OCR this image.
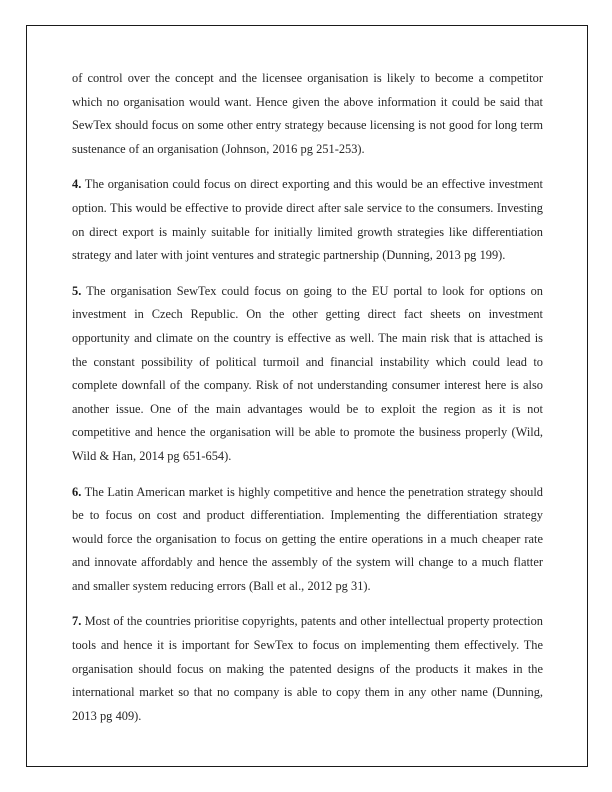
of control over the concept and the licensee organisation is likely to become a competitor which no organisation would want. Hence given the above information it could be said that SewTex should focus on some other entry strategy because licensing is not good for long term sustenance of an organisation (Johnson, 2016 pg 251-253).

4. The organisation could focus on direct exporting and this would be an effective investment option. This would be effective to provide direct after sale service to the consumers. Investing on direct export is mainly suitable for initially limited growth strategies like differentiation strategy and later with joint ventures and strategic partnership (Dunning, 2013 pg 199).

5. The organisation SewTex could focus on going to the EU portal to look for options on investment in Czech Republic. On the other getting direct fact sheets on investment opportunity and climate on the country is effective as well. The main risk that is attached is the constant possibility of political turmoil and financial instability which could lead to complete downfall of the company. Risk of not understanding consumer interest here is also another issue. One of the main advantages would be to exploit the region as it is not competitive and hence the organisation will be able to promote the business properly (Wild, Wild & Han, 2014 pg 651-654).

6. The Latin American market is highly competitive and hence the penetration strategy should be to focus on cost and product differentiation. Implementing the differentiation strategy would force the organisation to focus on getting the entire operations in a much cheaper rate and innovate affordably and hence the assembly of the system will change to a much flatter and smaller system reducing errors (Ball et al., 2012 pg 31).

7. Most of the countries prioritise copyrights, patents and other intellectual property protection tools and hence it is important for SewTex to focus on implementing them effectively. The organisation should focus on making the patented designs of the products it makes in the international market so that no company is able to copy them in any other name (Dunning, 2013 pg 409).
